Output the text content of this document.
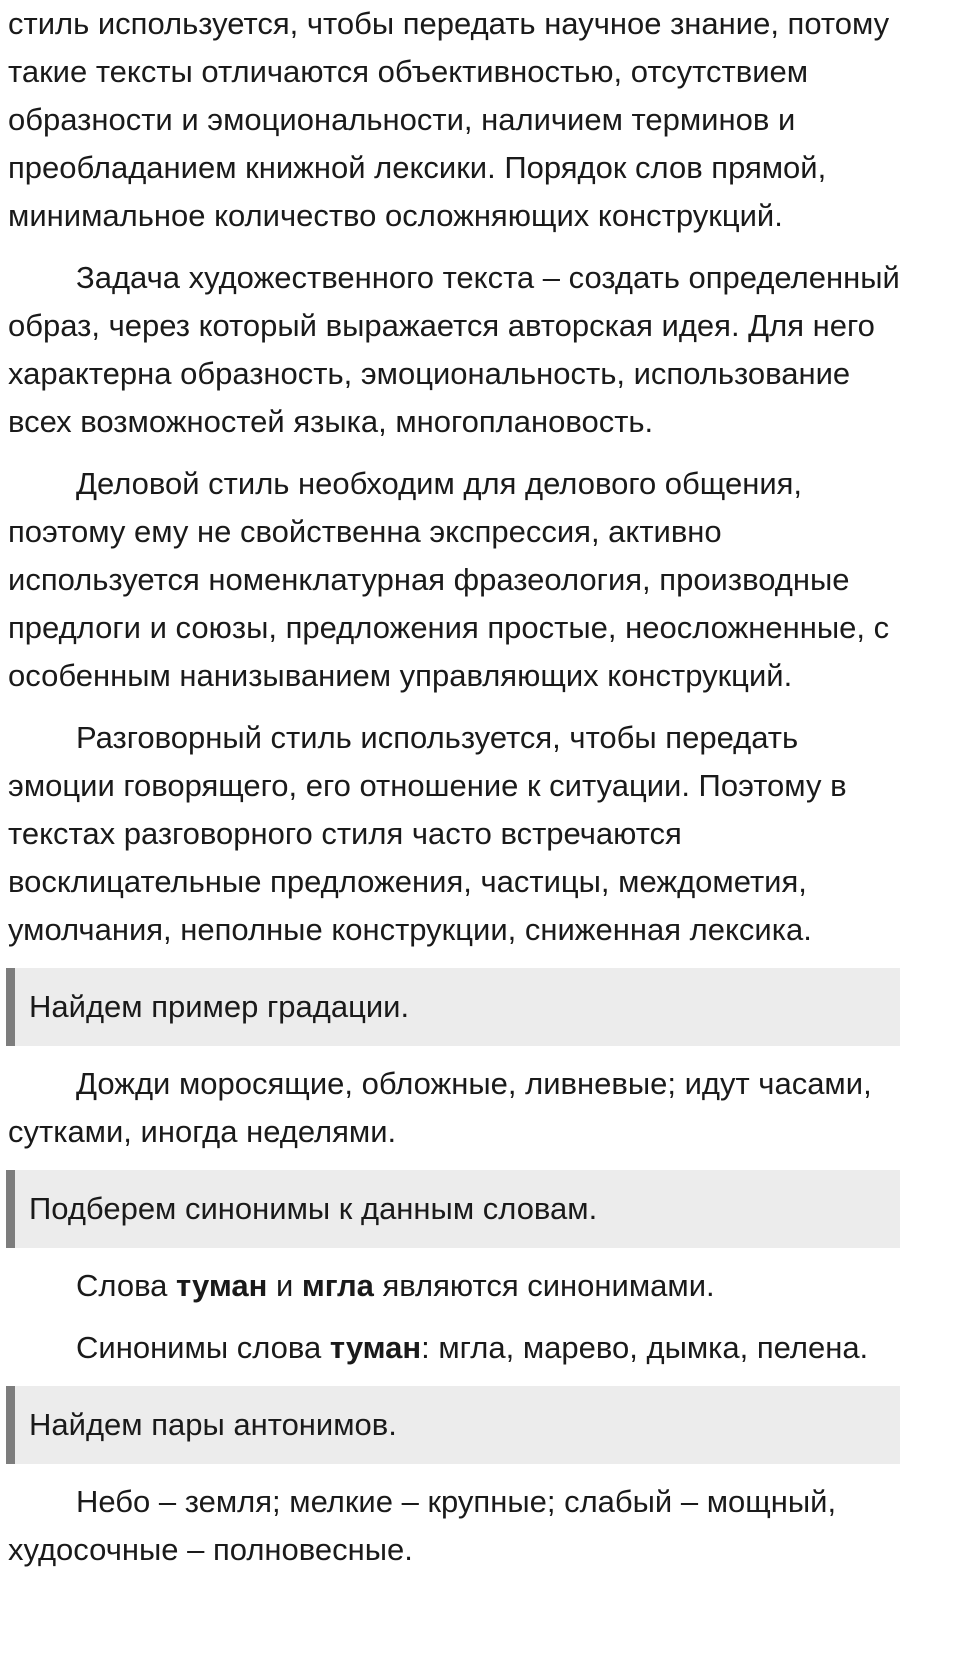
стиль используется, чтобы передать научное знание, потому такие тексты отличаются объективностью, отсутствием образности и эмоциональности, наличием терминов и преобладанием книжной лексики. Порядок слов прямой, минимальное количество осложняющих конструкций.

Задача художественного текста – создать определенный образ, через который выражается авторская идея. Для него характерна образность, эмоциональность, использование всех возможностей языка, многоплановость.

Деловой стиль необходим для делового общения, поэтому ему не свойственна экспрессия, активно используется номенклатурная фразеология, производные предлоги и союзы, предложения простые, неосложненные, с особенным нанизыванием управляющих конструкций.

Разговорный стиль используется, чтобы передать эмоции говорящего, его отношение к ситуации. Поэтому в текстах разговорного стиля часто встречаются восклицательные предложения, частицы, междометия, умолчания, неполные конструкции, сниженная лексика.

Найдем пример градации.

Дожди моросящие, обложные, ливневые; идут часами, сутками, иногда неделями.

Подберем синонимы к данным словам.

Слова туман и мгла являются синонимами.

Синонимы слова туман: мгла, марево, дымка, пелена.

Найдем пары антонимов.

Небо – земля; мелкие – крупные; слабый – мощный, худосочные – полновесные.
